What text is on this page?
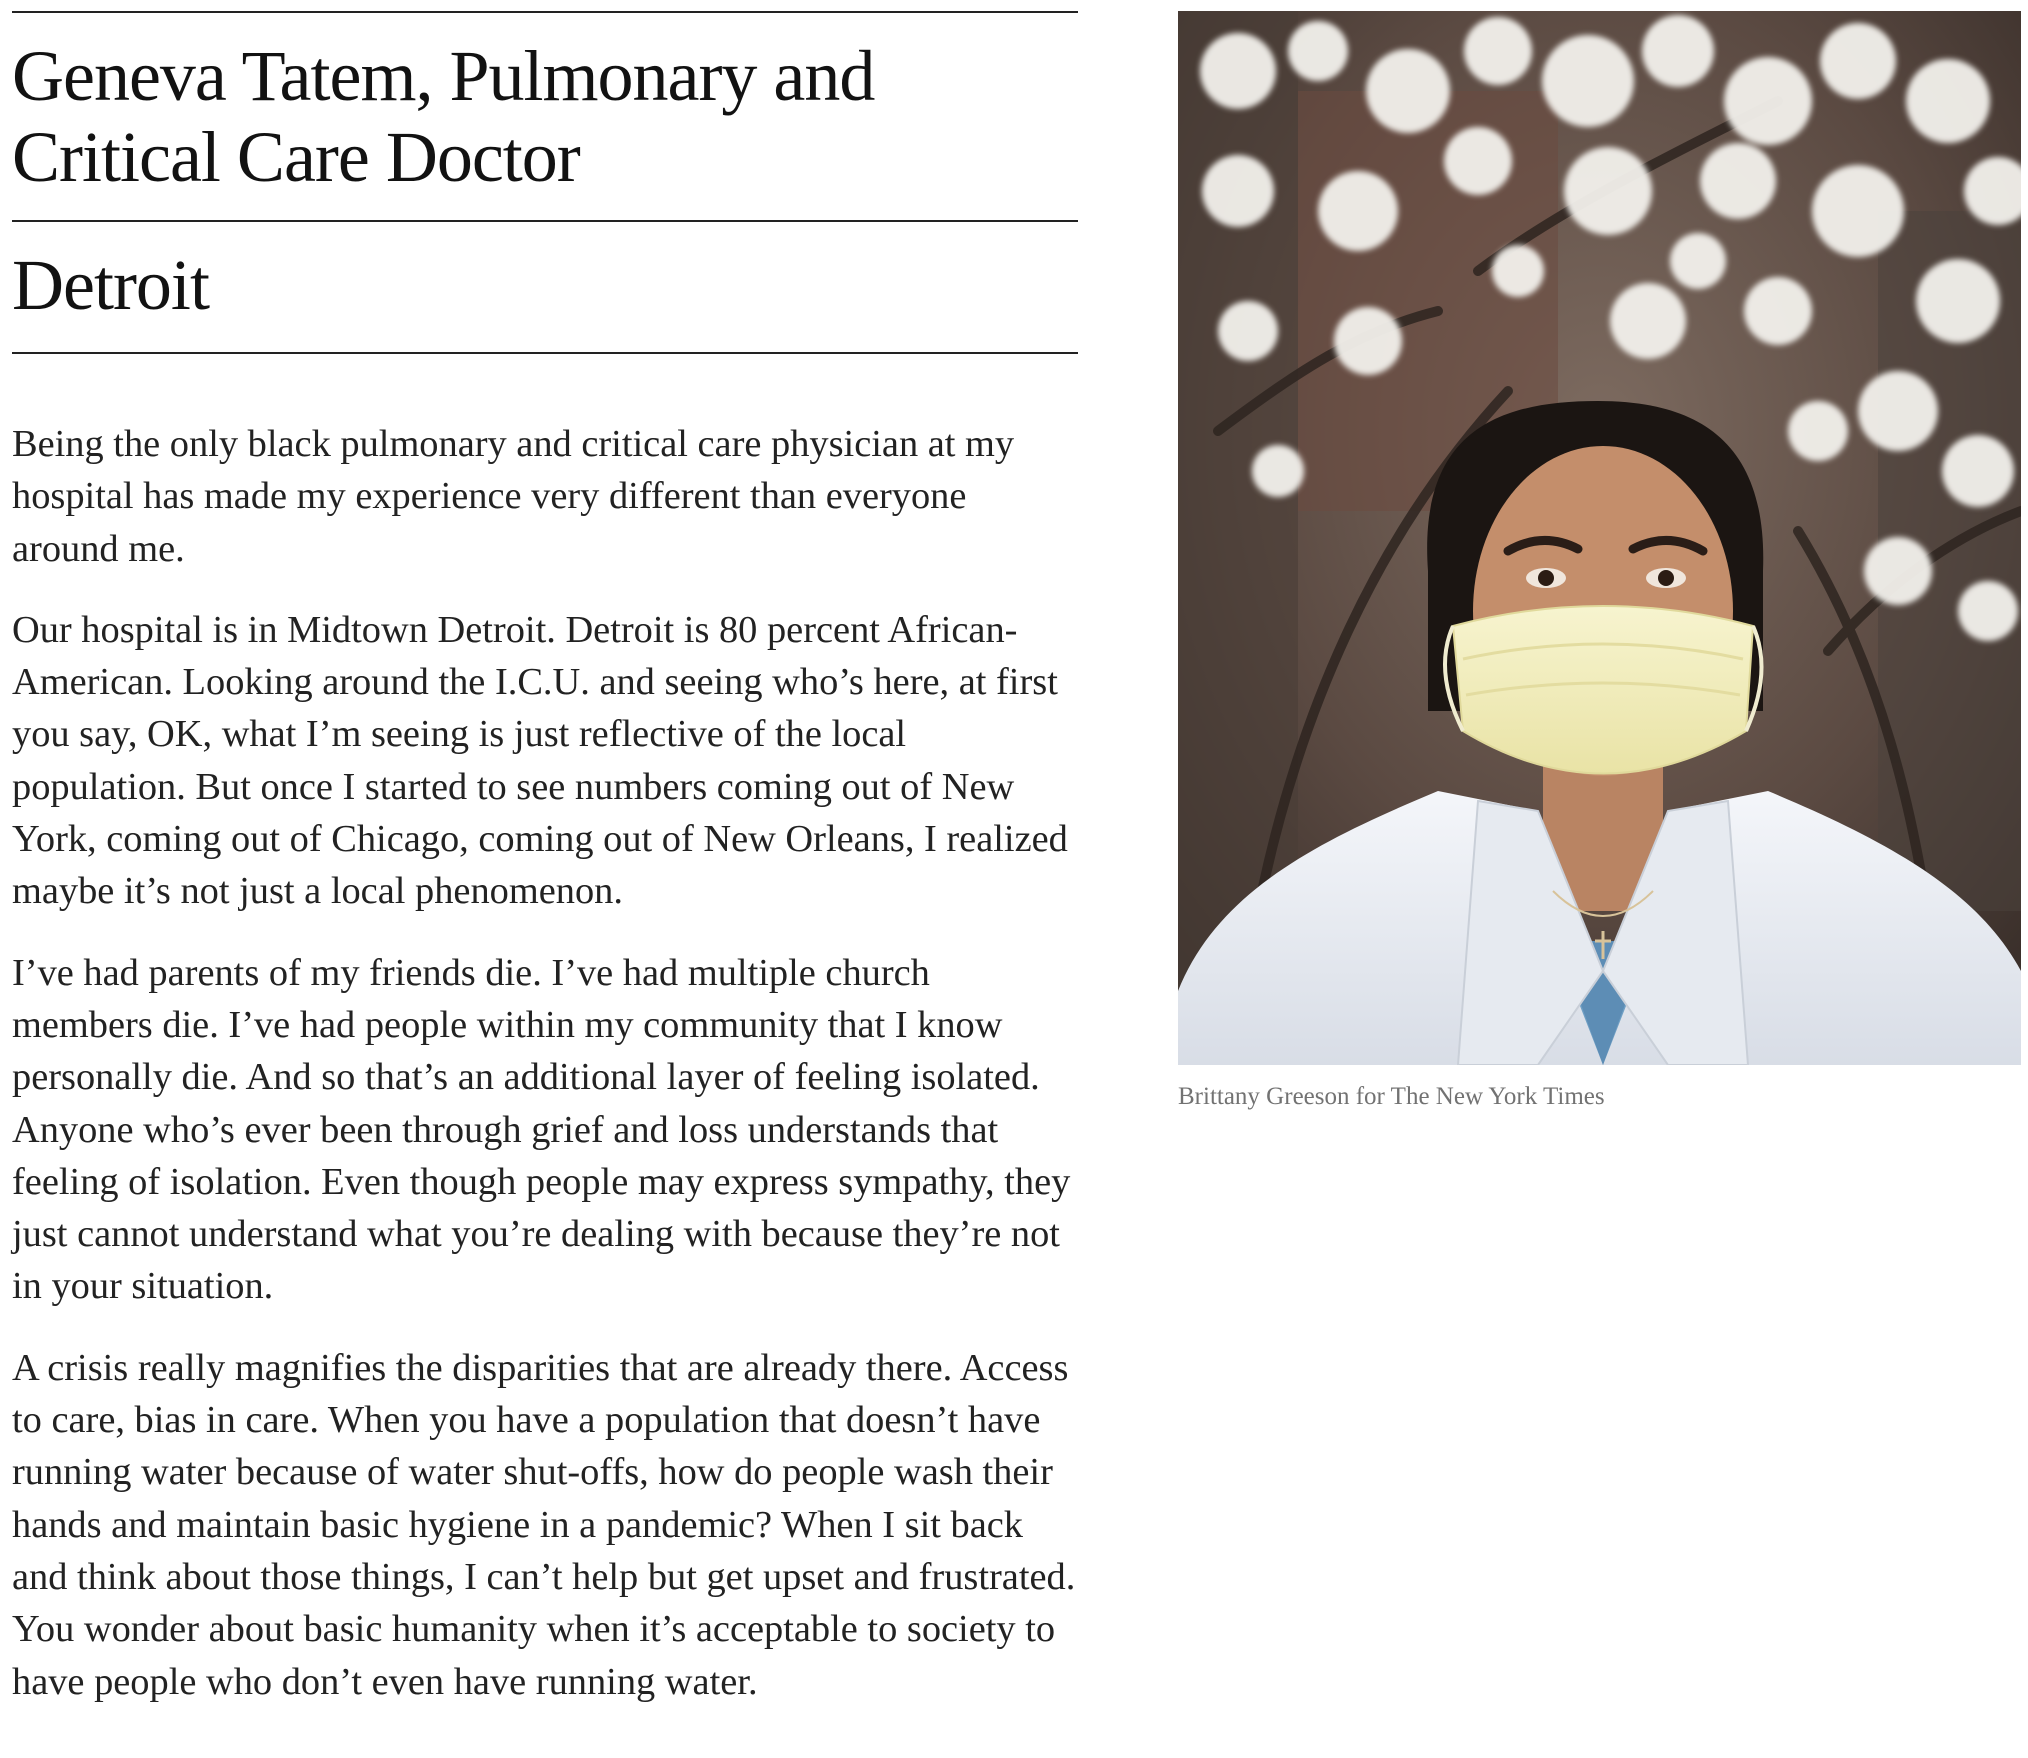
Geneva Tatem, Pulmonary and Critical Care Doctor
Detroit

Being the only black pulmonary and critical care physician at my hospital has made my experience very different than everyone around me.

Our hospital is in Midtown Detroit. Detroit is 80 percent African-American. Looking around the I.C.U. and seeing who’s here, at first you say, OK, what I’m seeing is just reflective of the local population. But once I started to see numbers coming out of New York, coming out of Chicago, coming out of New Orleans, I realized maybe it’s not just a local phenomenon.

I’ve had parents of my friends die. I’ve had multiple church members die. I’ve had people within my community that I know personally die. And so that’s an additional layer of feeling isolated. Anyone who’s ever been through grief and loss understands that feeling of isolation. Even though people may express sympathy, they just cannot understand what you’re dealing with because they’re not in your situation.

A crisis really magnifies the disparities that are already there. Access to care, bias in care. When you have a population that doesn’t have running water because of water shut-offs, how do people wash their hands and maintain basic hygiene in a pandemic? When I sit back and think about those things, I can’t help but get upset and frustrated. You wonder about basic humanity when it’s acceptable to society to have people who don’t even have running water.

Brittany Greeson for The New York Times
